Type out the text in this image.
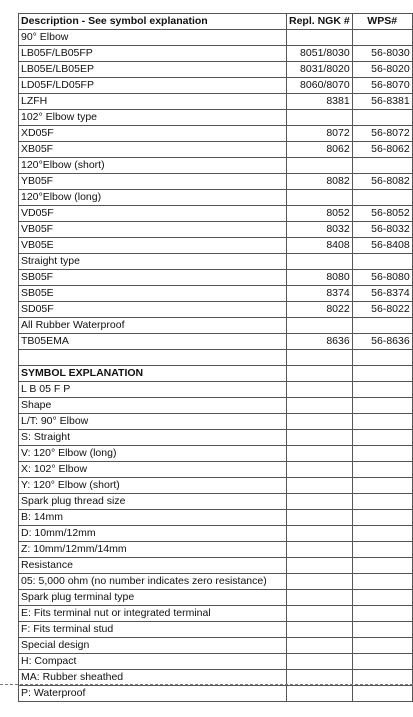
Description - See symbol explanation	Repl. NGK #	WPS#
90° Elbow		
LB05F/LB05FP	8051/8030	56-8030
LB05E/LB05EP	8031/8020	56-8020
LD05F/LD05FP	8060/8070	56-8070
LZFH	8381	56-8381
102° Elbow type		
XD05F	8072	56-8072
XB05F	8062	56-8062
120°Elbow (short)		
YB05F	8082	56-8082
120°Elbow (long)		
VD05F	8052	56-8052
VB05F	8032	56-8032
VB05E	8408	56-8408
Straight type		
SB05F	8080	56-8080
SB05E	8374	56-8374
SD05F	8022	56-8022
All Rubber Waterproof		
TB05EMA	8636	56-8636

SYMBOL EXPLANATION		
L B 05 F P		
Shape		
L/T: 90° Elbow		
S: Straight		
V: 120° Elbow (long)		
X: 102° Elbow		
Y: 120° Elbow (short)		
Spark plug thread size		
B: 14mm		
D: 10mm/12mm		
Z: 10mm/12mm/14mm		
Resistance		
05: 5,000 ohm (no number indicates zero resistance)		
Spark plug terminal type		
E: Fits terminal nut or integrated terminal		
F: Fits terminal stud		
Special design		
H: Compact		
MA: Rubber sheathed		
P: Waterproof		
